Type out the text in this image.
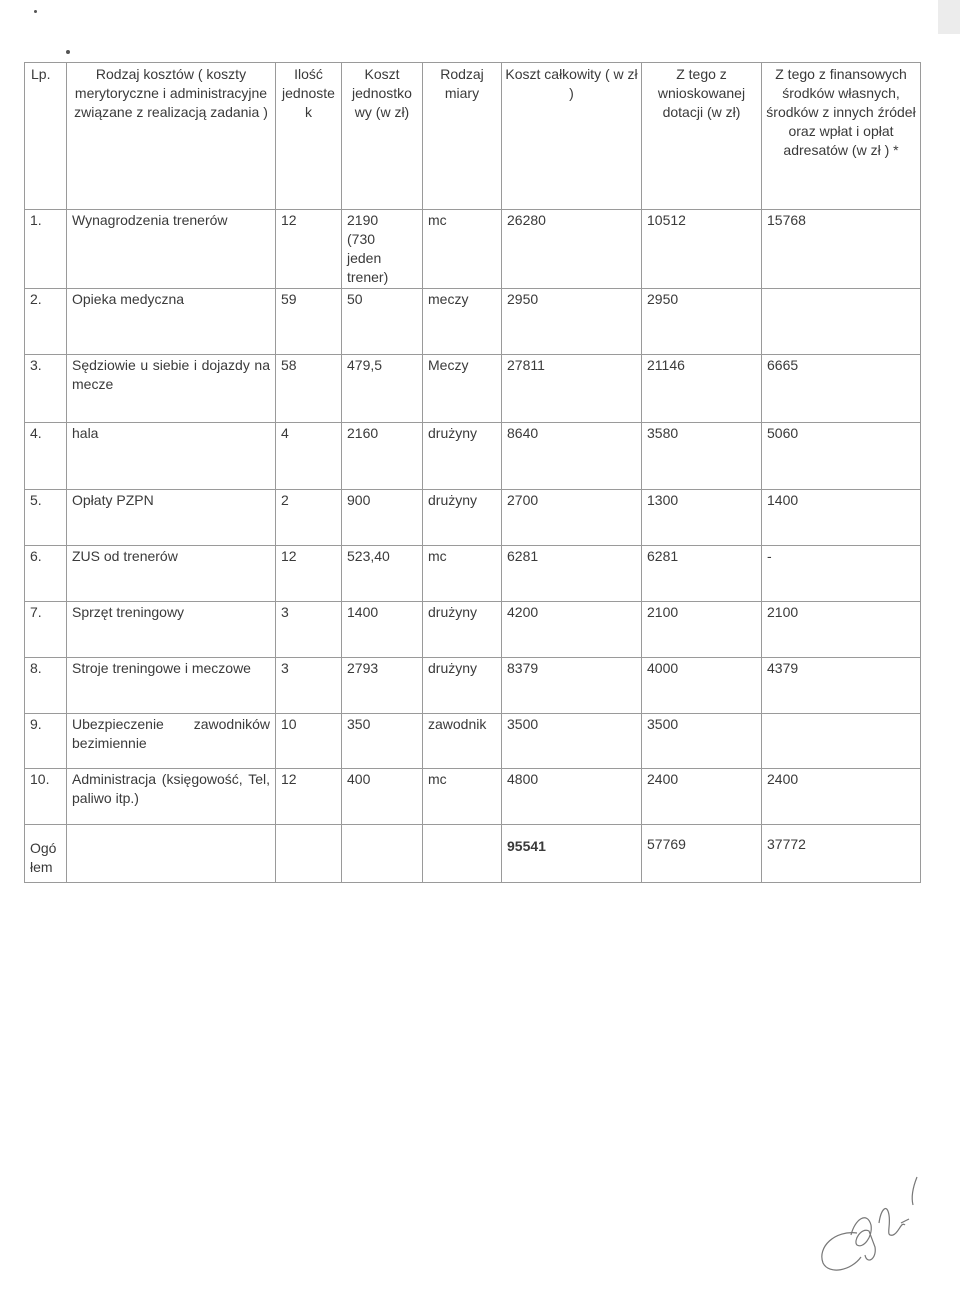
Lp.	Rodzaj kosztów ( koszty merytoryczne i administracyjne związane z realizacją zadania )	Ilość jednoste k	Koszt jednostko wy (w zł)	Rodzaj miary	Koszt całkowity ( w zł )	Z tego z wnioskowanej dotacji (w zł)	Z tego z finansowych środków własnych, środków z innych źródeł oraz wpłat i opłat adresatów (w zł ) *
1.	Wynagrodzenia trenerów	12	2190 (730 jeden trener)	mc	26280	10512	15768
2.	Opieka medyczna	59	50	meczy	2950	2950	
3.	Sędziowie u siebie i dojazdy na mecze	58	479,5	Meczy	27811	21146	6665
4.	hala	4	2160	drużyny	8640	3580	5060
5.	Opłaty PZPN	2	900	drużyny	2700	1300	1400
6.	ZUS od trenerów	12	523,40	mc	6281	6281	-
7.	Sprzęt treningowy	3	1400	drużyny	4200	2100	2100
8.	Stroje treningowe i meczowe	3	2793	drużyny	8379	4000	4379
9.	Ubezpieczenie zawodników bezimiennie	10	350	zawodnik	3500	3500	
10.	Administracja (księgowość, Tel, paliwo itp.)	12	400	mc	4800	2400	2400
Ogó łem					95541	57769	37772
